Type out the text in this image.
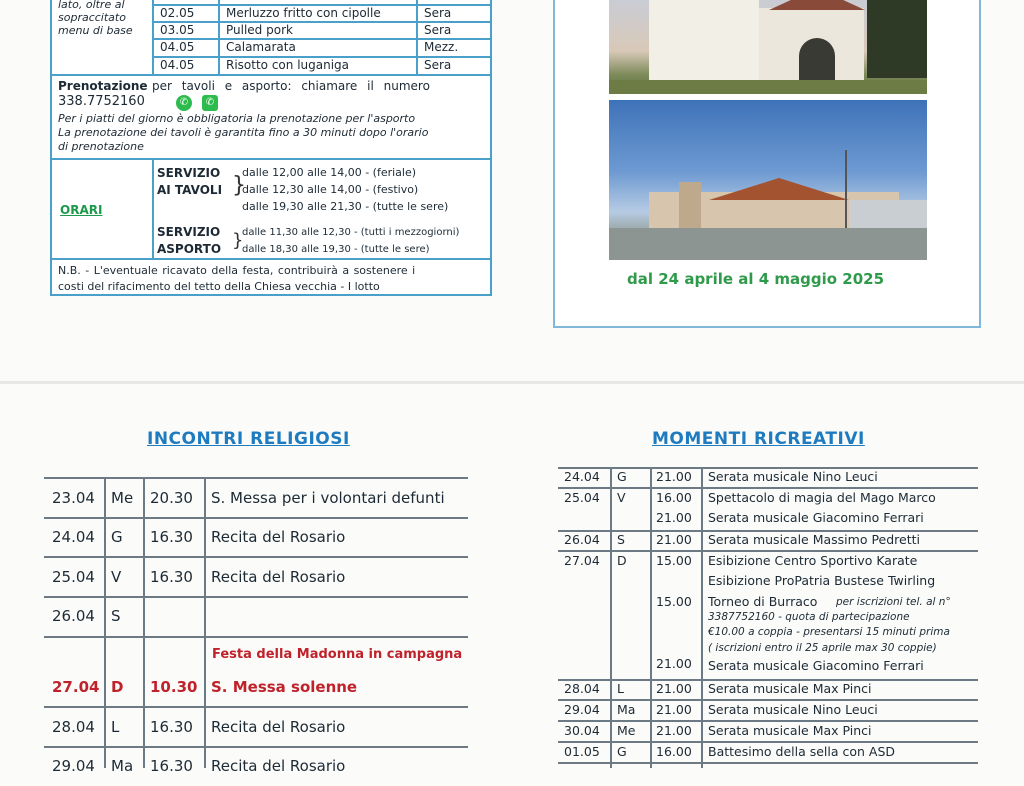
lato, oltre al
sopraccitato
menu di base
02.05	Merluzzo fritto con cipolle	Sera
03.05	Pulled pork	Sera
04.05	Calamarata	Mezz.
04.05	Risotto con luganiga	Sera
Prenotazione per tavoli e asporto: chiamare il numero
338.7752160	✆	✆
Per i piatti del giorno è obbligatoria la prenotazione per l'asporto
La prenotazione dei tavoli è garantita fino a 30 minuti dopo l'orario
di prenotazione
ORARI
SERVIZIO
AI TAVOLI }
dalle 12,00 alle 14,00 - (feriale)
dalle 12,30 alle 14,00 - (festivo)
dalle 19,30 alle 21,30 - (tutte le sere)
SERVIZIO
ASPORTO }
dalle 11,30 alle 12,30 - (tutti i mezzogiorni)
dalle 18,30 alle 19,30 - (tutte le sere)
N.B. - L'eventuale ricavato della festa, contribuirà a sostenere i
costi del rifacimento del tetto della Chiesa vecchia - I lotto	dal 24 aprile al 4 maggio 2025
INCONTRI RELIGIOSI
23.04 Me 20.30 S. Messa per i volontari defunti
24.04 G 16.30 Recita del Rosario
25.04 V 16.30 Recita del Rosario
26.04 S
Festa della Madonna in campagna
27.04 D 10.30 S. Messa solenne
28.04 L 16.30 Recita del Rosario
29.04 Ma 16.30 Recita del Rosario
MOMENTI RICREATIVI
24.04 G 21.00 Serata musicale Nino Leuci
25.04 V 16.00 Spettacolo di magia del Mago Marco
21.00 Serata musicale Giacomino Ferrari
26.04 S 21.00 Serata musicale Massimo Pedretti
27.04 D 15.00 Esibizione Centro Sportivo Karate
Esibizione ProPatria Bustese Twirling
15.00 Torneo di Burraco per iscrizioni tel. al n°
3387752160 - quota di partecipazione
€10.00 a coppia - presentarsi 15 minuti prima
( iscrizioni entro il 25 aprile max 30 coppie)
21.00 Serata musicale Giacomino Ferrari
28.04 L	21.00 Serata musicale Max Pinci
29.04 Ma 21.00 Serata musicale Nino Leuci
30.04 Me 21.00 Serata musicale Max Pinci
01.05 G 16.00 Battesimo della sella con ASD
